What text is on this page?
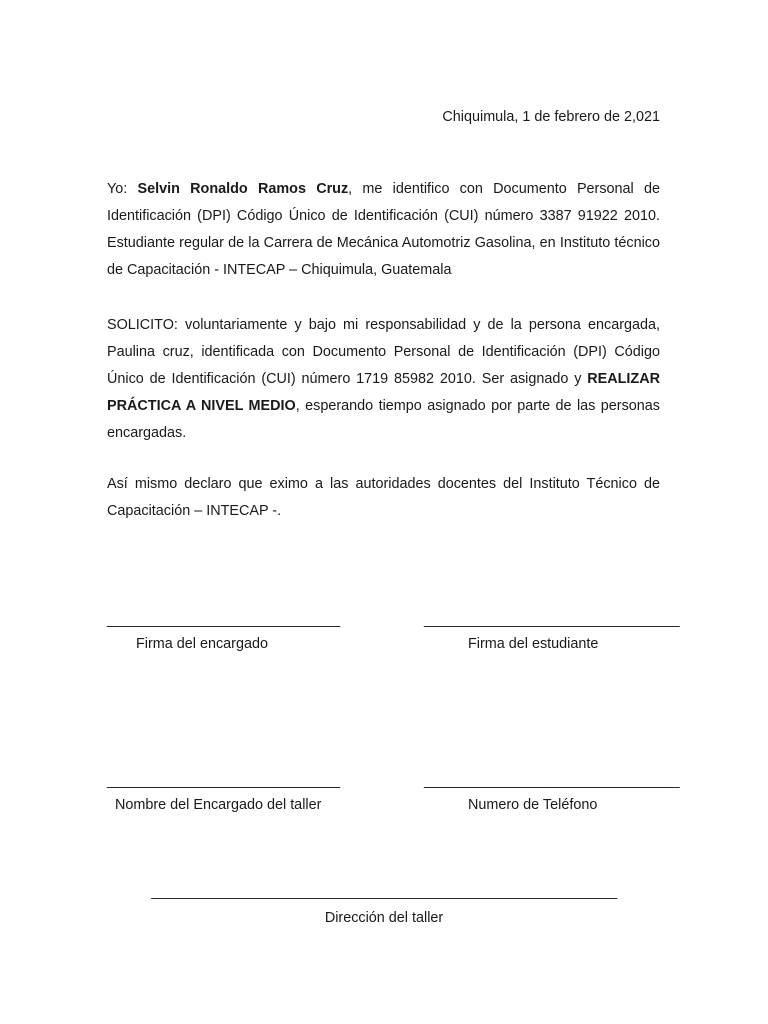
Chiquimula, 1 de febrero de 2,021

Yo: Selvin Ronaldo Ramos Cruz, me identifico con Documento Personal de Identificación (DPI) Código Único de Identificación (CUI) número 3387 91922 2010. Estudiante regular de la Carrera de Mecánica Automotriz Gasolina, en Instituto técnico de Capacitación - INTECAP – Chiquimula, Guatemala

SOLICITO: voluntariamente y bajo mi responsabilidad y de la persona encargada, Paulina cruz, identificada con Documento Personal de Identificación (DPI) Código Único de Identificación (CUI) número 1719 85982 2010. Ser asignado y REALIZAR PRÁCTICA A NIVEL MEDIO, esperando tiempo asignado por parte de las personas encargadas.

Así mismo declaro que eximo a las autoridades docentes del Instituto Técnico de Capacitación – INTECAP -.

_______________________________
Firma del encargado
__________________________________
Firma del estudiante
_______________________________
Nombre del Encargado del taller
__________________________________
Numero de Teléfono
______________________________________________________________
Dirección del taller
